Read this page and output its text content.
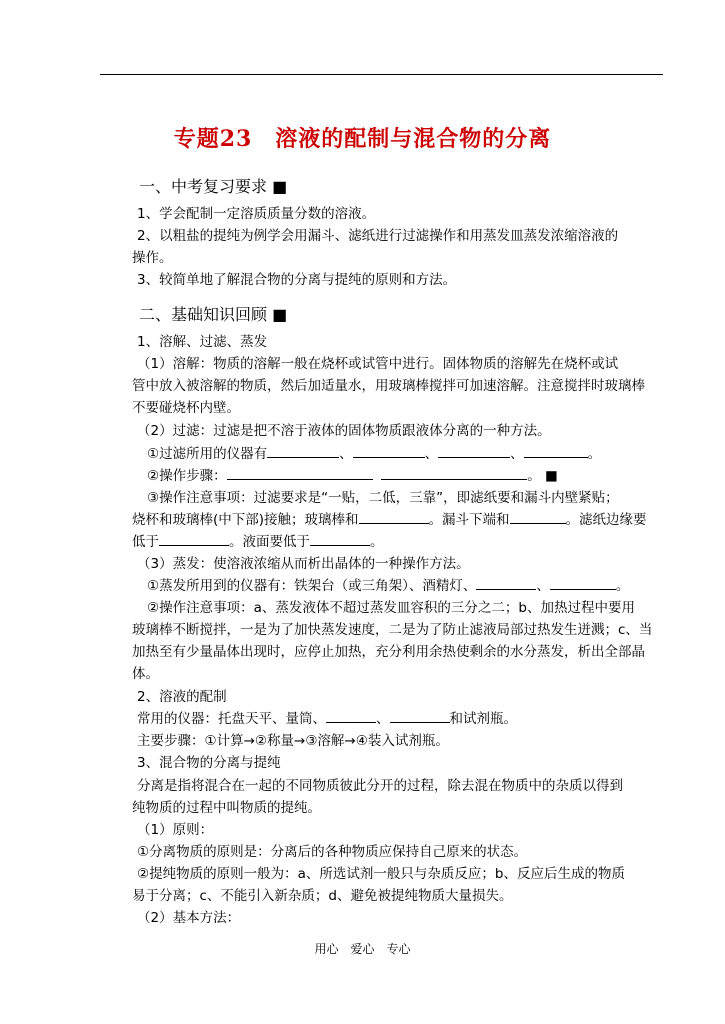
专题23　溶液的配制与混合物的分离
一、中考复习要求 ■
1、学会配制一定溶质质量分数的溶液。
2、以粗盐的提纯为例学会用漏斗、滤纸进行过滤操作和用蒸发皿蒸发浓缩溶液的
操作。
3、较简单地了解混合物的分离与提纯的原则和方法。
二、基础知识回顾 ■
1、溶解、过滤、蒸发
（1）溶解：物质的溶解一般在烧杯或试管中进行。固体物质的溶解先在烧杯或试
管中放入被溶解的物质，然后加适量水，用玻璃棒搅拌可加速溶解。注意搅拌时玻璃棒
不要碰烧杯内壁。
（2）过滤：过滤是把不溶于液体的固体物质跟液体分离的一种方法。
①过滤所用的仪器有	、	、	、	。
②操作步骤：	。 ■
③操作注意事项：过滤要求是“一贴，二低，三靠”，即滤纸要和漏斗内壁紧贴；
烧杯和玻璃棒(中下部)接触；玻璃棒和	。漏斗下端和	。滤纸边缘要
低于	。液面要低于	。
（3）蒸发：使溶液浓缩从而析出晶体的一种操作方法。
①蒸发所用到的仪器有：铁架台（或三角架）、酒精灯、	、	。
②操作注意事项：a、蒸发液体不超过蒸发皿容积的三分之二；b、加热过程中要用
玻璃棒不断搅拌，一是为了加快蒸发速度，二是为了防止滤液局部过热发生迸溅；c、当
加热至有少量晶体出现时，应停止加热，充分利用余热使剩余的水分蒸发，析出全部晶
体。
2、溶液的配制
常用的仪器：托盘天平、量筒、	、	和试剂瓶。
主要步骤：①计算→②称量→③溶解→④装入试剂瓶。
3、混合物的分离与提纯
分离是指将混合在一起的不同物质彼此分开的过程，除去混在物质中的杂质以得到
纯物质的过程中叫物质的提纯。
（1）原则：
①分离物质的原则是：分离后的各种物质应保持自己原来的状态。
②提纯物质的原则一般为：a、所选试剂一般只与杂质反应；b、反应后生成的物质
易于分离；c、不能引入新杂质；d、避免被提纯物质大量损失。
（2）基本方法：
用心　爱心　专心
